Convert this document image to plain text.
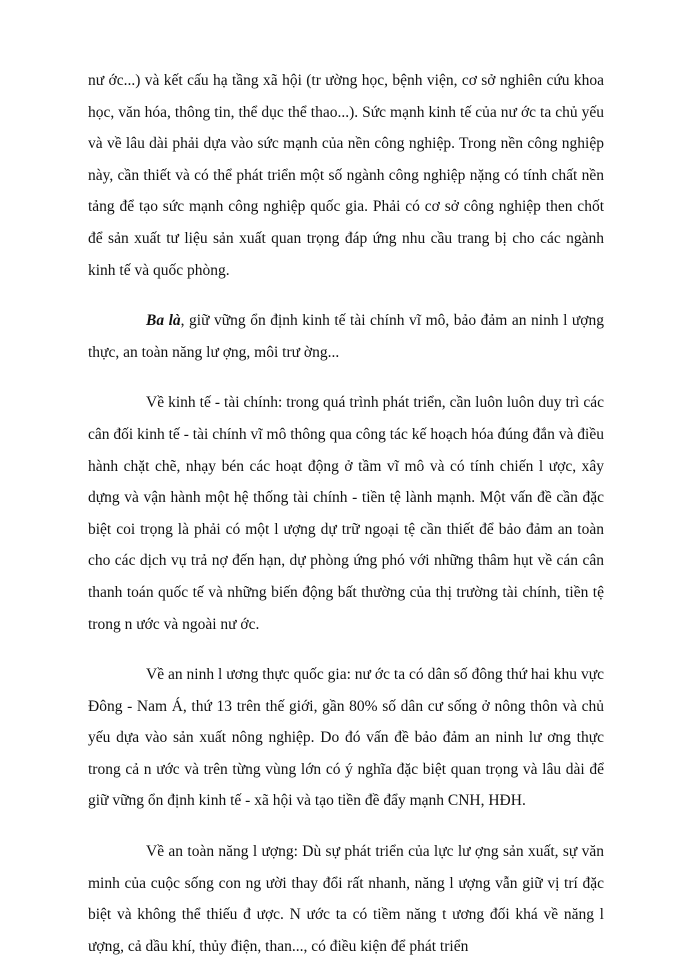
nư ớc...) và kết cấu hạ tầng xã hội (tr ường học, bệnh viện, cơ sở nghiên cứu khoa học, văn hóa, thông tin, thể dục thể thao...). Sức mạnh kinh tế của nư ớc ta chủ yếu và về lâu dài phải dựa vào sức mạnh của nền công nghiệp. Trong nền công nghiệp này, cần thiết và có thể phát triển một số ngành công nghiệp nặng có tính chất nền tảng để tạo sức mạnh công nghiệp quốc gia. Phải có cơ sở công nghiệp then chốt để sản xuất tư liệu sản xuất quan trọng đáp ứng nhu cầu trang bị cho các ngành kinh tế và quốc phòng.

Ba là, giữ vững ổn định kinh tế tài chính vĩ mô, bảo đảm an ninh l ượng thực, an toàn năng lư ợng, môi trư ờng...

Về kinh tế - tài chính: trong quá trình phát triển, cần luôn luôn duy trì các cân đối kinh tế - tài chính vĩ mô thông qua công tác kế hoạch hóa đúng đắn và điều hành chặt chẽ, nhạy bén các hoạt động ở tầm vĩ mô và có tính chiến l ược, xây dựng và vận hành một hệ thống tài chính - tiền tệ lành mạnh. Một vấn đề cần đặc biệt coi trọng là phải có một l ượng dự trữ ngoại tệ cần thiết để bảo đảm an toàn cho các dịch vụ trả nợ đến hạn, dự phòng ứng phó với những thâm hụt về cán cân thanh toán quốc tế và những biến động bất thường của thị trường tài chính, tiền tệ trong n ước và ngoài nư ớc.

Về an ninh l ương thực quốc gia: nư ớc ta có dân số đông thứ hai khu vực Đông - Nam Á, thứ 13 trên thế giới, gần 80% số dân cư sống ở nông thôn và chủ yếu dựa vào sản xuất nông nghiệp. Do đó vấn đề bảo đảm an ninh lư ơng thực trong cả n ước và trên từng vùng lớn có ý nghĩa đặc biệt quan trọng và lâu dài để giữ vững ổn định kinh tế - xã hội và tạo tiền đề đẩy mạnh CNH, HĐH.

Về an toàn năng l ượng: Dù sự phát triển của lực lư ợng sản xuất, sự văn minh của cuộc sống con ng ười thay đổi rất nhanh, năng l ượng vẫn giữ vị trí đặc biệt và không thể thiếu đ ược. N ước ta có tiềm năng t ương đối khá về năng l ượng, cả dầu khí, thủy điện, than..., có điều kiện để phát triển
